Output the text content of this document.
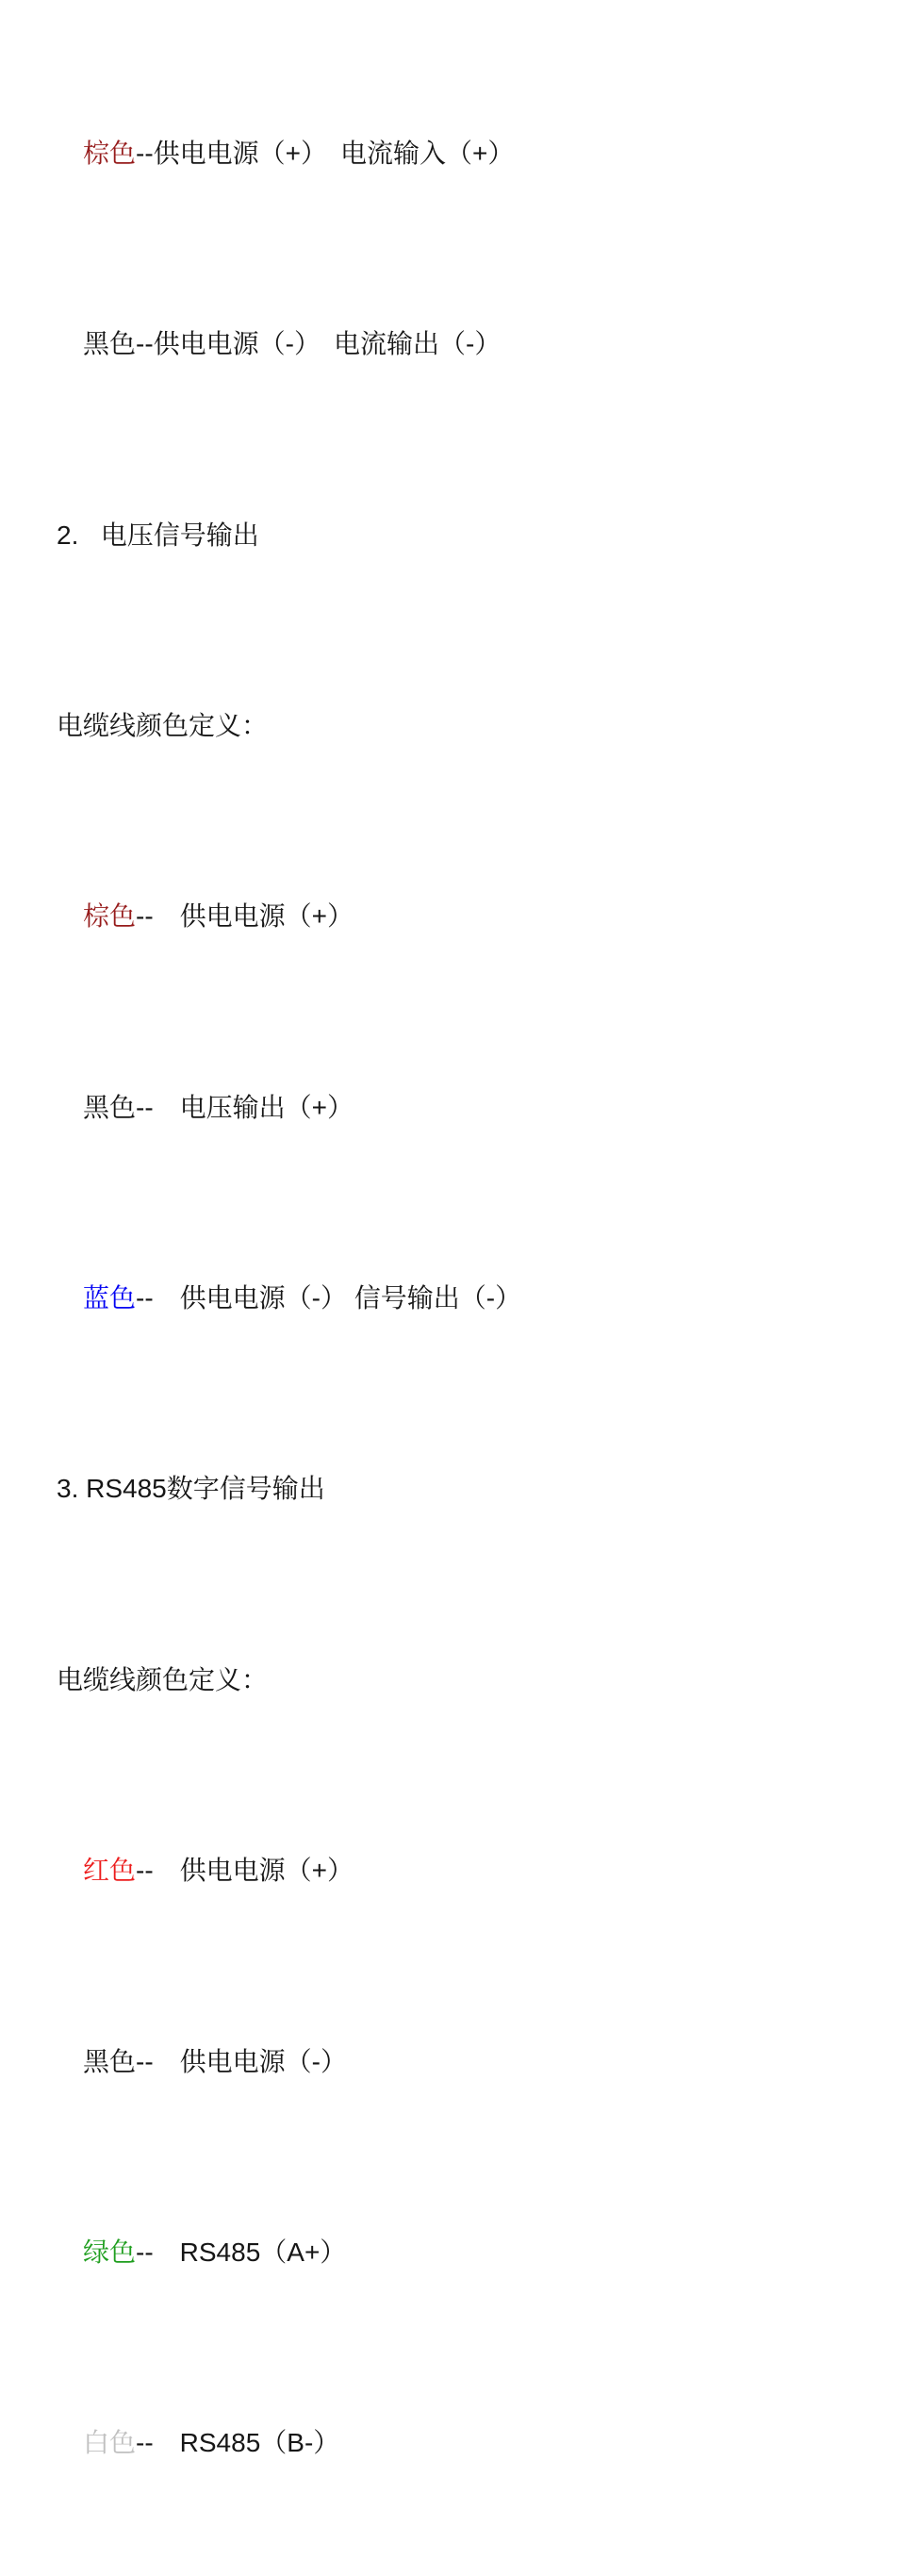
棕色--供电电源（+）　电流输入（+）

黑色--供电电源（-）　电流输出（-）

2.   电压信号输出

电缆线颜色定义：

棕色--　供电电源（+）

黑色--　电压输出（+）

蓝色--　供电电源（-） 信号输出（-）

3. RS485数字信号输出

电缆线颜色定义：

红色--　供电电源（+）

黑色--　供电电源（-）

绿色--　RS485（A+）

白色--　RS485（B-）
